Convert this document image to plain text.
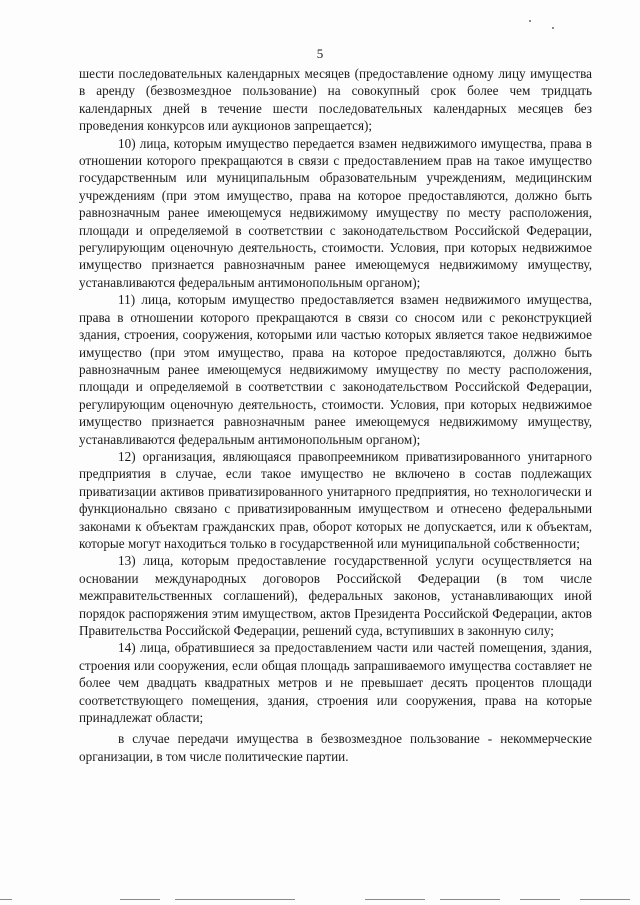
5

шести последовательных календарных месяцев (предоставление одному лицу имущества в аренду (безвозмездное пользование) на совокупный срок более чем тридцать календарных дней в течение шести последовательных календарных месяцев без проведения конкурсов или аукционов запрещается);

10) лица, которым имущество передается взамен недвижимого имущества, права в отношении которого прекращаются в связи с предоставлением прав на такое имущество государственным или муниципальным образовательным учреждениям, медицинским учреждениям (при этом имущество, права на которое предоставляются, должно быть равнозначным ранее имеющемуся недвижимому имуществу по месту расположения, площади и определяемой в соответствии с законодательством Российской Федерации, регулирующим оценочную деятельность, стоимости. Условия, при которых недвижимое имущество признается равнозначным ранее имеющемуся недвижимому имуществу, устанавливаются федеральным антимонопольным органом);

11) лица, которым имущество предоставляется взамен недвижимого имущества, права в отношении которого прекращаются в связи со сносом или с реконструкцией здания, строения, сооружения, которыми или частью которых является такое недвижимое имущество (при этом имущество, права на которое предоставляются, должно быть равнозначным ранее имеющемуся недвижимому имуществу по месту расположения, площади и определяемой в соответствии с законодательством Российской Федерации, регулирующим оценочную деятельность, стоимости. Условия, при которых недвижимое имущество признается равнозначным ранее имеющемуся недвижимому имуществу, устанавливаются федеральным антимонопольным органом);

12) организация, являющаяся правопреемником приватизированного унитарного предприятия в случае, если такое имущество не включено в состав подлежащих приватизации активов приватизированного унитарного предприятия, но технологически и функционально связано с приватизированным имуществом и отнесено федеральными законами к объектам гражданских прав, оборот которых не допускается, или к объектам, которые могут находиться только в государственной или муниципальной собственности;

13) лица, которым предоставление государственной услуги осуществляется на основании международных договоров Российской Федерации (в том числе межправительственных соглашений), федеральных законов, устанавливающих иной порядок распоряжения этим имуществом, актов Президента Российской Федерации, актов Правительства Российской Федерации, решений суда, вступивших в законную силу;

14) лица, обратившиеся за предоставлением части или частей помещения, здания, строения или сооружения, если общая площадь запрашиваемого имущества составляет не более чем двадцать квадратных метров и не превышает десять процентов площади соответствующего помещения, здания, строения или сооружения, права на которые принадлежат области;

в случае передачи имущества в безвозмездное пользование - некоммерческие организации, в том числе политические партии.
